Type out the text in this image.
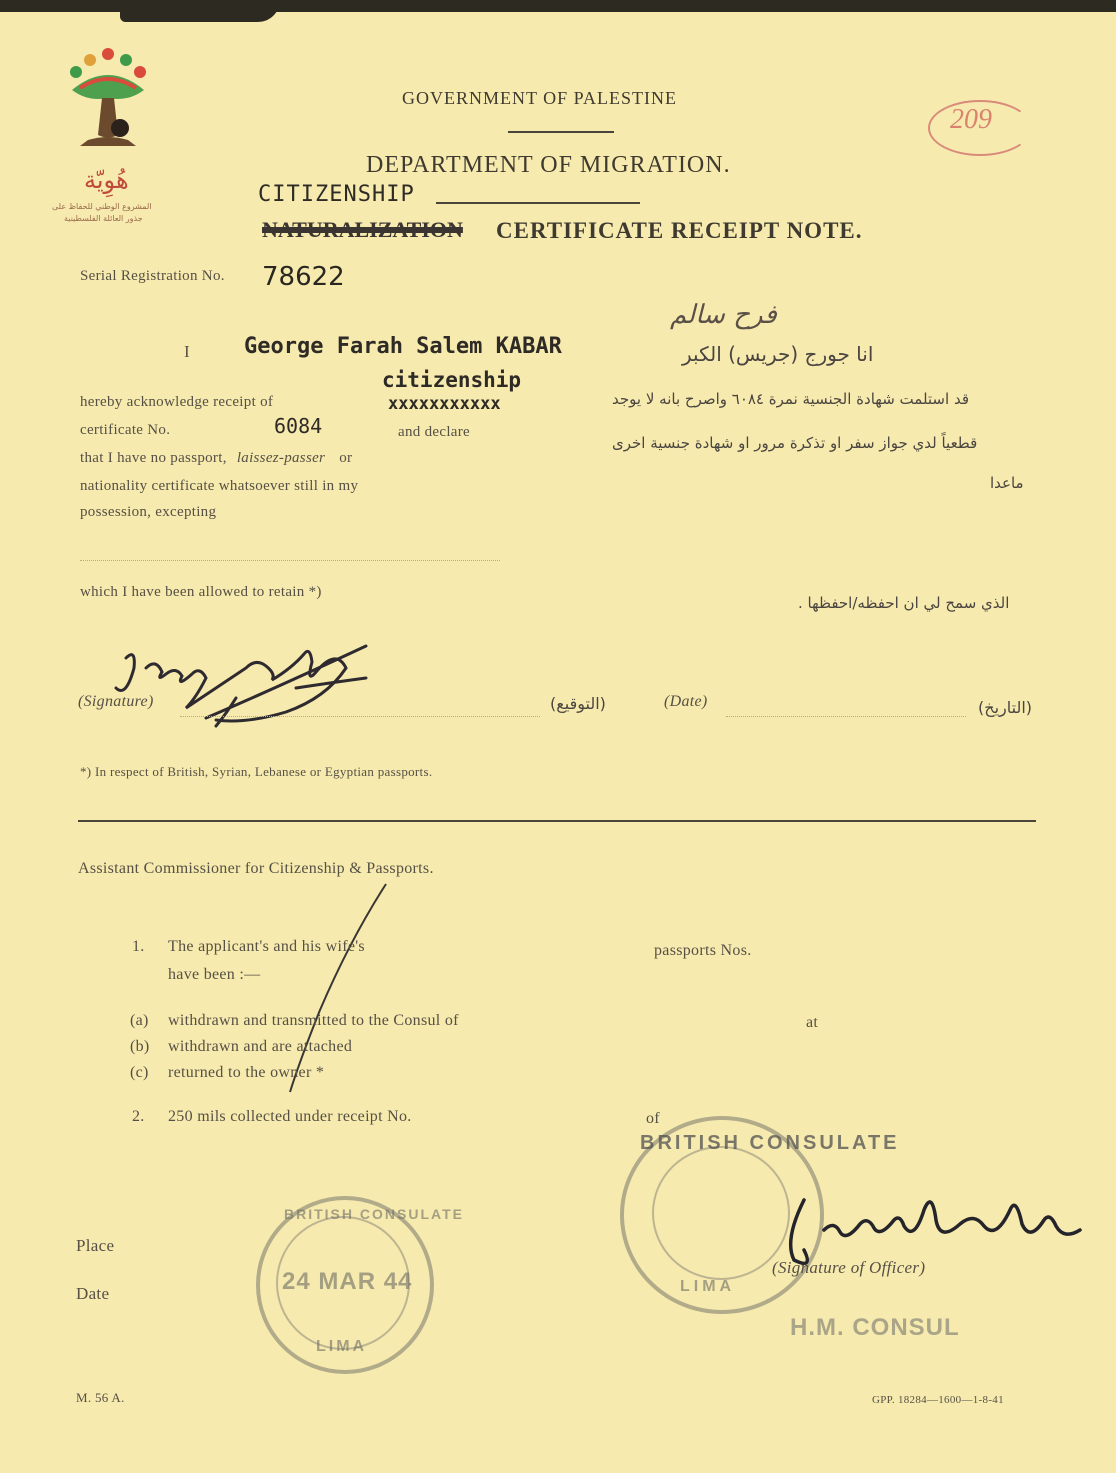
هُوِيّة
المشروع الوطني للحفاظ على
جذور العائلة الفلسطينية
209
GOVERNMENT OF PALESTINE
DEPARTMENT OF MIGRATION.
CITIZENSHIP
NATURALIZATION CERTIFICATE RECEIPT NOTE.
Serial Registration No. 78622
I George Farah Salem KABAR
citizenship
hereby acknowledge receipt of	xxxxxxxxxxx
certificate No.	6084	and declare
that I have no passport, laissez-passer or
nationality certificate whatsoever still in my
possession, excepting
which I have been allowed to retain *)
فرح سالم
انا جورج (جريس) الكبر
قد استلمت شهادة الجنسية نمرة ٦٠٨٤ واصرح بانه لا يوجد
قطعياً لدي جواز سفر او تذكرة مرور او شهادة جنسية اخرى
ماعدا
الذي سمح لي ان احفظه/احفظها .
(Signature)	(التوقيع)	(Date)	(التاريخ)
*) In respect of British, Syrian, Lebanese or Egyptian passports.
Assistant Commissioner for Citizenship & Passports.
1. The applicant's and his wife's	passports Nos.
have been :—
(a) withdrawn and transmitted to the Consul of	at
(b) withdrawn and are attached
(c) returned to the owner *
2. 250 mils collected under receipt No.	of
Place
Date
BRITISH CONSULATE
24 MAR 44
LIMA
BRITISH CONSULATE
LIMA
(Signature of Officer)
H.M. CONSUL
M. 56 A.	GPP. 18284—1600—1-8-41
